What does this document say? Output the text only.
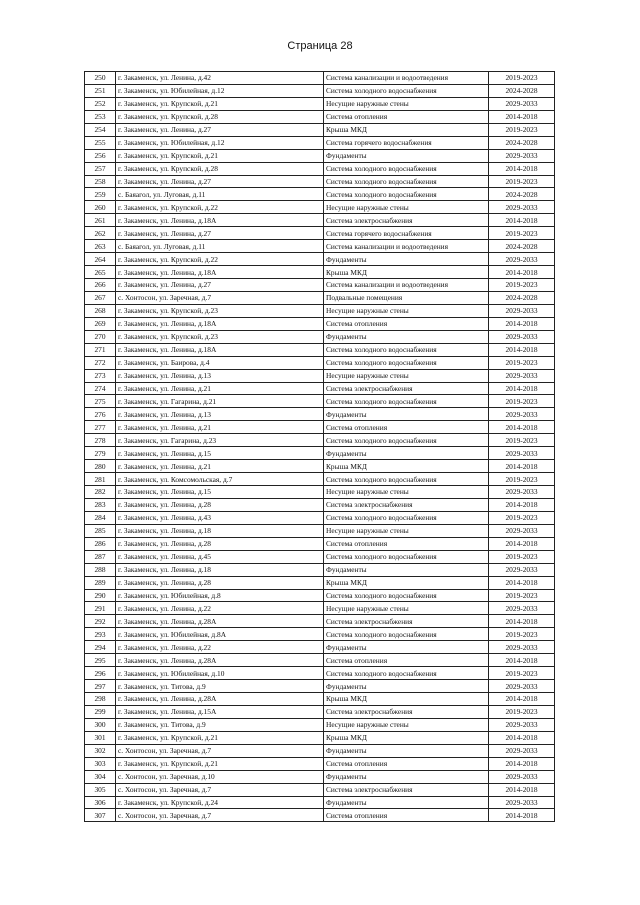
Страница 28
250	г. Закаменск, ул. Ленина, д.42	Система канализации и водоотведения	2019-2023
251	г. Закаменск, ул. Юбилейная, д.12	Система холодного водоснабжения	2024-2028
252	г. Закаменск, ул. Крупской, д.21	Несущие наружные стены	2029-2033
253	г. Закаменск, ул. Крупской, д.28	Система отопления	2014-2018
254	г. Закаменск, ул. Ленина, д.27	Крыша МКД	2019-2023
255	г. Закаменск, ул. Юбилейная, д.12	Система горячего водоснабжения	2024-2028
256	г. Закаменск, ул. Крупской, д.21	Фундаменты	2029-2033
257	г. Закаменск, ул. Крупской, д.28	Система холодного водоснабжения	2014-2018
258	г. Закаменск, ул. Ленина, д.27	Система холодного водоснабжения	2019-2023
259	с. Баяагол, ул. Луговая, д.11	Система холодного водоснабжения	2024-2028
260	г. Закаменск, ул. Крупской, д.22	Несущие наружные стены	2029-2033
261	г. Закаменск, ул. Ленина, д.18А	Система электроснабжения	2014-2018
262	г. Закаменск, ул. Ленина, д.27	Система горячего водоснабжения	2019-2023
263	с. Баяагол, ул. Луговая, д.11	Система канализации и водоотведения	2024-2028
264	г. Закаменск, ул. Крупской, д.22	Фундаменты	2029-2033
265	г. Закаменск, ул. Ленина, д.18А	Крыша МКД	2014-2018
266	г. Закаменск, ул. Ленина, д.27	Система канализации и водоотведения	2019-2023
267	с. Хонтосон, ул. Заречная, д.7	Подвальные помещения	2024-2028
268	г. Закаменск, ул. Крупской, д.23	Несущие наружные стены	2029-2033
269	г. Закаменск, ул. Ленина, д.18А	Система отопления	2014-2018
270	г. Закаменск, ул. Крупской, д.23	Фундаменты	2029-2033
271	г. Закаменск, ул. Ленина, д.18А	Система холодного водоснабжения	2014-2018
272	г. Закаменск, ул. Баирова, д.4	Система холодного водоснабжения	2019-2023
273	г. Закаменск, ул. Ленина, д.13	Несущие наружные стены	2029-2033
274	г. Закаменск, ул. Ленина, д.21	Система электроснабжения	2014-2018
275	г. Закаменск, ул. Гагарина, д.21	Система холодного водоснабжения	2019-2023
276	г. Закаменск, ул. Ленина, д.13	Фундаменты	2029-2033
277	г. Закаменск, ул. Ленина, д.21	Система отопления	2014-2018
278	г. Закаменск, ул. Гагарина, д.23	Система холодного водоснабжения	2019-2023
279	г. Закаменск, ул. Ленина, д.15	Фундаменты	2029-2033
280	г. Закаменск, ул. Ленина, д.21	Крыша МКД	2014-2018
281	г. Закаменск, ул. Комсомольская, д.7	Система холодного водоснабжения	2019-2023
282	г. Закаменск, ул. Ленина, д.15	Несущие наружные стены	2029-2033
283	г. Закаменск, ул. Ленина, д.28	Система электроснабжения	2014-2018
284	г. Закаменск, ул. Ленина, д.43	Система холодного водоснабжения	2019-2023
285	г. Закаменск, ул. Ленина, д.18	Несущие наружные стены	2029-2033
286	г. Закаменск, ул. Ленина, д.28	Система отопления	2014-2018
287	г. Закаменск, ул. Ленина, д.45	Система холодного водоснабжения	2019-2023
288	г. Закаменск, ул. Ленина, д.18	Фундаменты	2029-2033
289	г. Закаменск, ул. Ленина, д.28	Крыша МКД	2014-2018
290	г. Закаменск, ул. Юбилейная, д.8	Система холодного водоснабжения	2019-2023
291	г. Закаменск, ул. Ленина, д.22	Несущие наружные стены	2029-2033
292	г. Закаменск, ул. Ленина, д.28А	Система электроснабжения	2014-2018
293	г. Закаменск, ул. Юбилейная, д.8А	Система холодного водоснабжения	2019-2023
294	г. Закаменск, ул. Ленина, д.22	Фундаменты	2029-2033
295	г. Закаменск, ул. Ленина, д.28А	Система отопления	2014-2018
296	г. Закаменск, ул. Юбилейная, д.10	Система холодного водоснабжения	2019-2023
297	г. Закаменск, ул. Титова, д.9	Фундаменты	2029-2033
298	г. Закаменск, ул. Ленина, д.28А	Крыша МКД	2014-2018
299	г. Закаменск, ул. Ленина, д.15А	Система электроснабжения	2019-2023
300	г. Закаменск, ул. Титова, д.9	Несущие наружные стены	2029-2033
301	г. Закаменск, ул. Крупской, д.21	Крыша МКД	2014-2018
302	с. Хонтосон, ул. Заречная, д.7	Фундаменты	2029-2033
303	г. Закаменск, ул. Крупской, д.21	Система отопления	2014-2018
304	с. Хонтосон, ул. Заречная, д.10	Фундаменты	2029-2033
305	с. Хонтосон, ул. Заречная, д.7	Система электроснабжения	2014-2018
306	г. Закаменск, ул. Крупской, д.24	Фундаменты	2029-2033
307	с. Хонтосон, ул. Заречная, д.7	Система отопления	2014-2018
